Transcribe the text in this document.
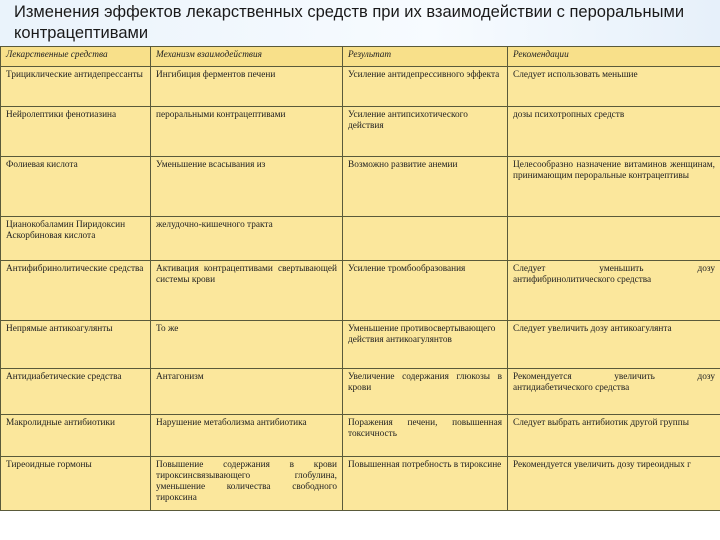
Изменения эффектов лекарственных средств при их взаимодействии с пероральными контрацептивами
Лекарственные средства	Механизм взаимодействия	Результат	Рекомендации
Трициклические антидепрессанты	Ингибиция ферментов печени	Усиление антидепрессивного эффекта	Следует использовать меньшие
Нейролептики фенотиазина	пероральными контрацептивами	Усиление антипсихотического действия	дозы психотропных средств
Фолиевая кислота	Уменьшение всасывания из	Возможно развитие анемии	Целесообразно назначение витаминов женщинам, принимающим пероральные контрацептивы
Цианокобаламин Пиридоксин Аскорбиновая кислота	желудочно-кишечного тракта		
Антифибринолитические средства	Активация контрацептивами свертывающей системы крови	Усиление тромбообразования	Следует уменьшить дозу антифибринолитического средства
Непрямые антикоагулянты	То же	Уменьшение противосвертывающего действия антикоагулянтов	Следует увеличить дозу антикоагулянта
Антидиабетические средства	Антагонизм	Увеличение содержания глюкозы в крови	Рекомендуется увеличить дозу антидиабетического средства
Макролидные антибиотики	Нарушение метаболизма антибиотика	Поражения печени, повышенная токсичность	Следует выбрать антибиотик другой группы
Тиреоидные гормоны	Повышение содержания в крови тироксинсвязывающего глобулина, уменьшение количества свободного тироксина	Повышенная потребность в тироксине	Рекомендуется увеличить дозу тиреоидных г
